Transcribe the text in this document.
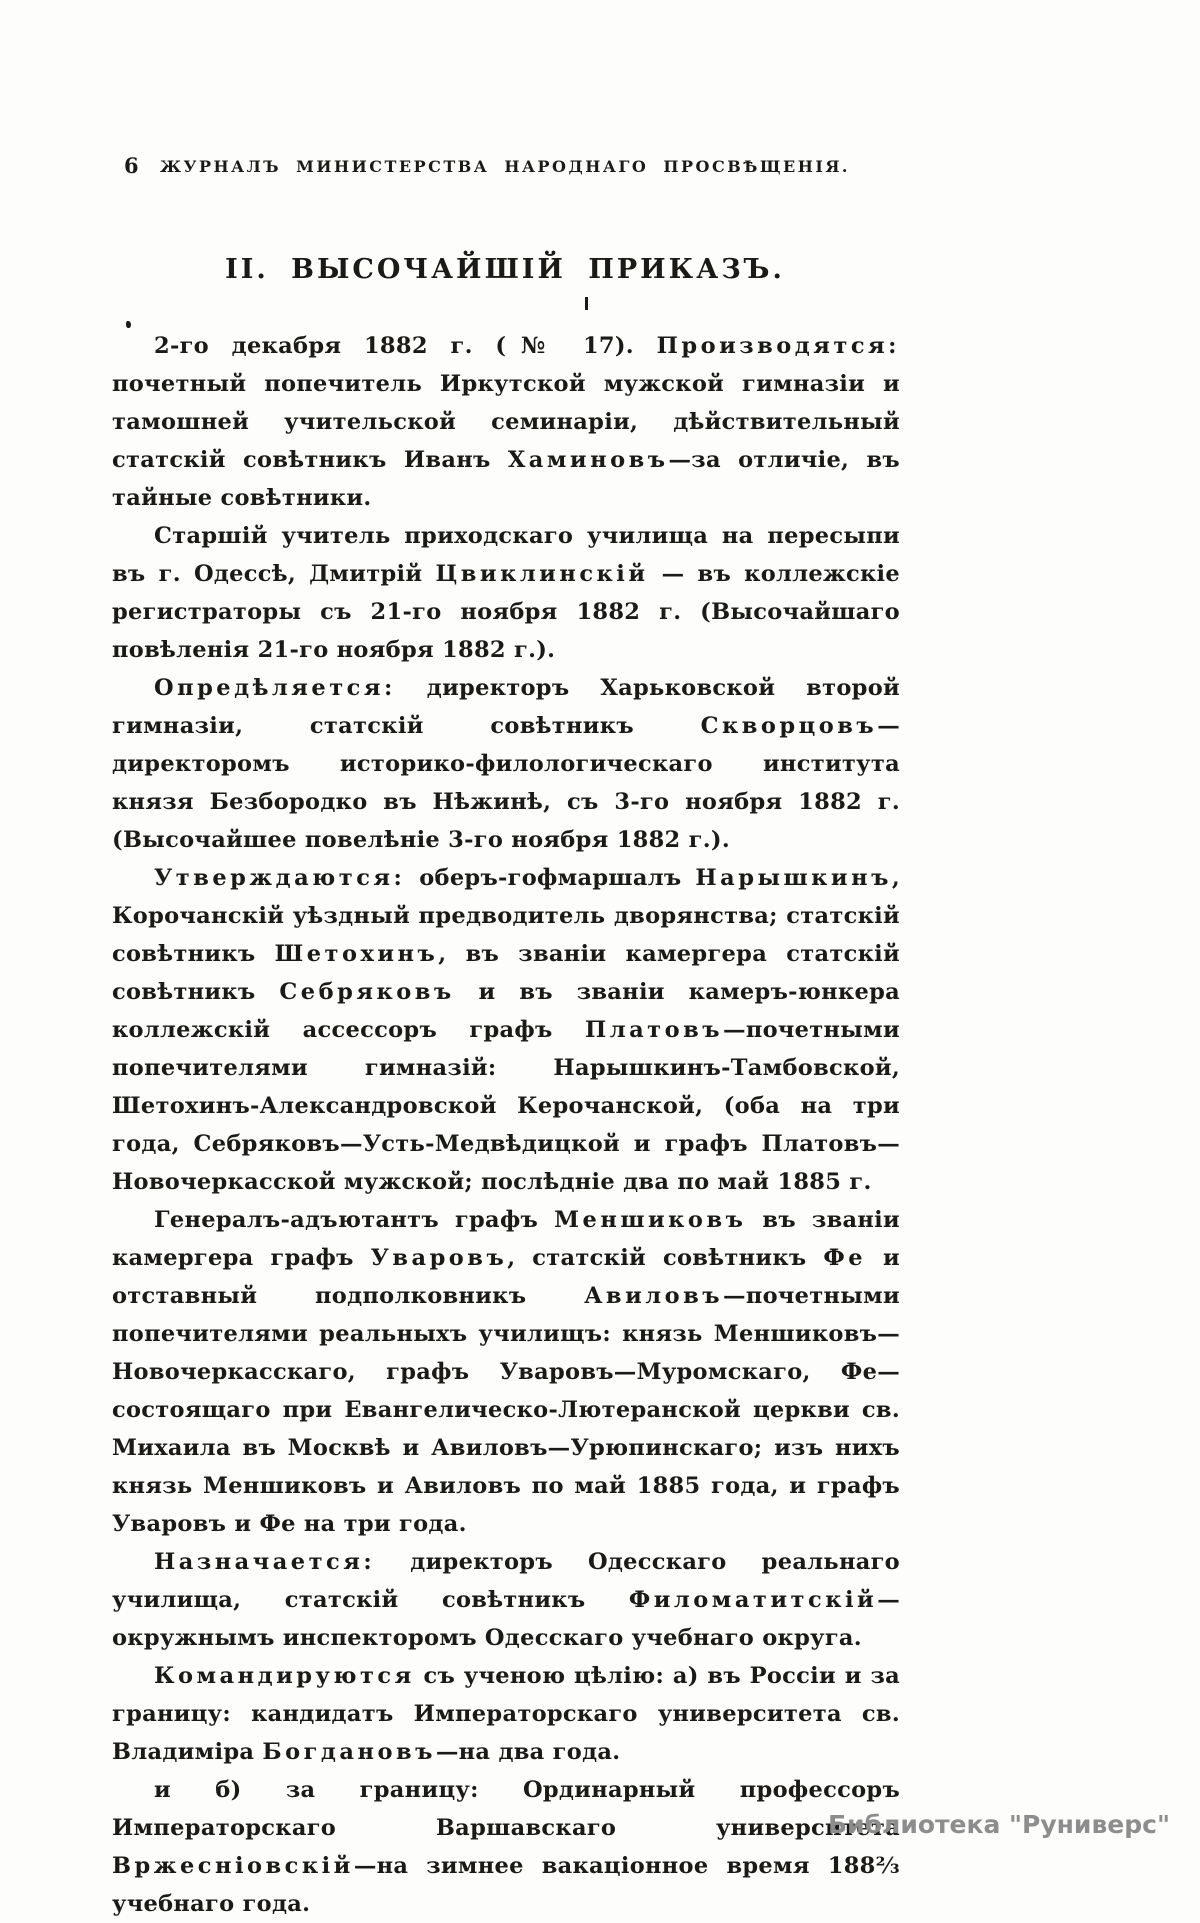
6	ЖУРНАЛЪ МИНИСТЕРСТВА НАРОДНАГО ПРОСВѢЩЕНІЯ.
II. ВЫСОЧАЙШІЙ ПРИКАЗЪ.

2-го декабря 1882 г. (№ 17). Производятся: почетный попечитель Иркутской мужской гимназіи и тамошней учительской семинаріи, дѣйствительный статскій совѣтникъ Иванъ Хаминовъ—за отличіе, въ тайные совѣтники.

Старшій учитель приходскаго училища на пересыпи въ г. Одессѣ, Дмитрій Цвиклинскій — въ коллежскіе регистраторы съ 21-го ноября 1882 г. (Высочайшаго повѣленія 21-го ноября 1882 г.).

Опредѣляется: директоръ Харьковской второй гимназіи, статскій совѣтникъ Скворцовъ—директоромъ историко-филологическаго института князя Безбородко въ Нѣжинѣ, съ 3-го ноября 1882 г. (Высочайшее повелѣніе 3-го ноября 1882 г.).

Утверждаются: оберъ-гофмаршалъ Нарышкинъ, Корочанскій уѣздный предводитель дворянства; статскій совѣтникъ Шетохинъ, въ званіи камергера статскій совѣтникъ Себряковъ и въ званіи камеръ-юнкера коллежскій ассессоръ графъ Платовъ—почетными попечителями гимназій: Нарышкинъ-Тамбовской, Шетохинъ-Александровской Керочанской, (оба на три года, Себряковъ—Усть-Медвѣдицкой и графъ Платовъ—Новочеркасской мужской; послѣдніе два по май 1885 г.

Генералъ-адъютантъ графъ Меншиковъ въ званіи камергера графъ Уваровъ, статскій совѣтникъ Фе и отставный подполковникъ Авиловъ—почетными попечителями реальныхъ училищъ: князь Меншиковъ—Новочеркасскаго, графъ Уваровъ—Муромскаго, Фе—состоящаго при Евангелическо-Лютеранской церкви св. Михаила въ Москвѣ и Авиловъ—Урюпинскаго; изъ нихъ князь Меншиковъ и Авиловъ по май 1885 года, и графъ Уваровъ и Фе на три года.

Назначается: директоръ Одесскаго реальнаго училища, статскій совѣтникъ Филоматитскій—окружнымъ инспекторомъ Одесскаго учебнаго округа.

Командируются съ ученою цѣлію: а) въ Россіи и за границу: кандидатъ Императорскаго университета св. Владиміра Богдановъ—на два года.

и б) за границу: Ординарный профессоръ Императорскаго Варшавскаго университета Вржесніовскій—на зимнее вакаціонное время 188²⁄₃ учебнаго года.

Библиотека "Руниверс"
